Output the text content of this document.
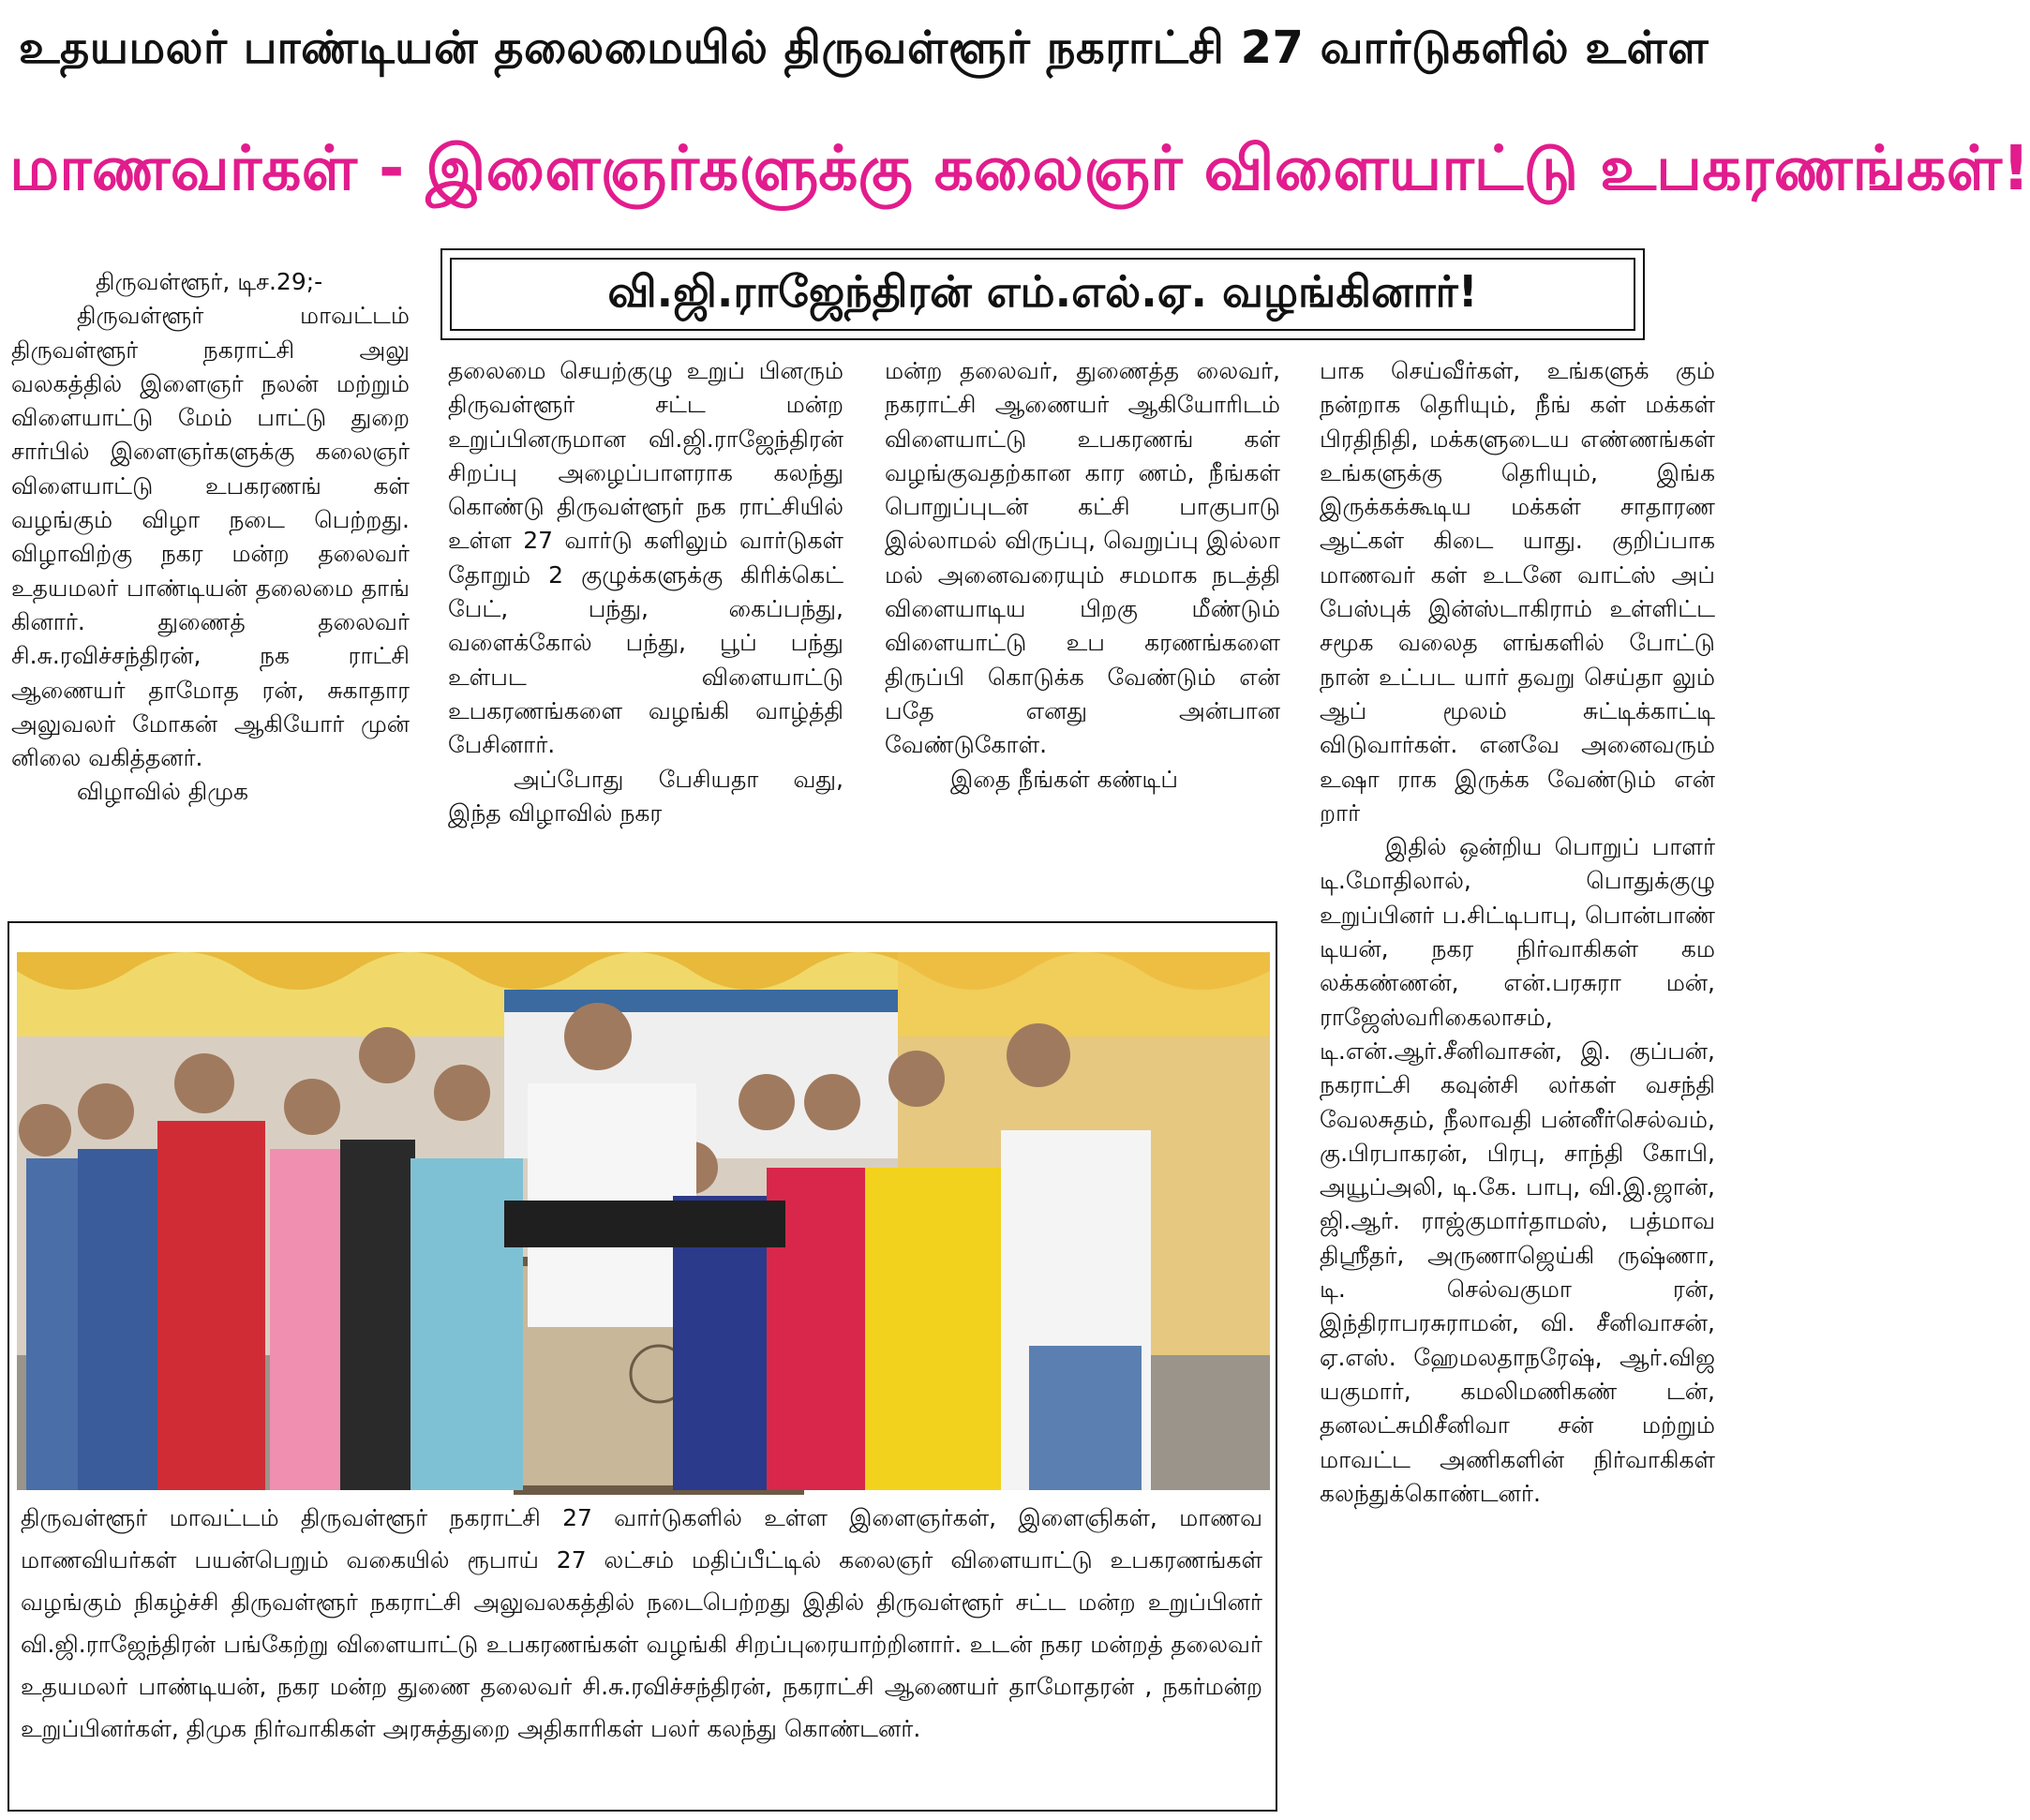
உதயமலர் பாண்டியன் தலைமையில் திருவள்ளூர் நகராட்சி 27 வார்டுகளில் உள்ள
மாணவர்கள் - இளைஞர்களுக்கு கலைஞர் விளையாட்டு உபகரணங்கள்!
வி.ஜி.ராஜேந்திரன் எம்.எல்.ஏ. வழங்கினார்!

திருவள்ளூர், டிச.29;-

திருவள்ளூர் மாவட்டம் திருவள்ளூர் நகராட்சி அலு வலகத்தில் இளைஞர் நலன் மற்றும் விளையாட்டு மேம் பாட்டு துறை சார்பில் இளைஞர்களுக்கு கலைஞர் விளையாட்டு உபகரணங் கள் வழங்கும் விழா நடை பெற்றது. விழாவிற்கு நகர மன்ற தலைவர் உதயமலர் பாண்டியன் தலைமை தாங் கினார். துணைத் தலைவர் சி.சு.ரவிச்சந்திரன், நக ராட்சி ஆணையர் தாமோத ரன், சுகாதார அலுவலர் மோகன் ஆகியோர் முன் னிலை வகித்தனர்.

விழாவில் திமுக

தலைமை செயற்குழு உறுப் பினரும் திருவள்ளூர் சட்ட மன்ற உறுப்பினருமான வி.ஜி.ராஜேந்திரன் சிறப்பு அழைப்பாளராக கலந்து கொண்டு திருவள்ளூர் நக ராட்சியில் உள்ள 27 வார்டு களிலும் வார்டுகள் தோறும் 2 குழுக்களுக்கு கிரிக்கெட் பேட், பந்து, கைப்பந்து, வளைக்கோல் பந்து, பூப் பந்து உள்பட விளையாட்டு உபகரணங்களை வழங்கி வாழ்த்தி பேசினார்.

அப்போது பேசியதா வது, இந்த விழாவில் நகர

மன்ற தலைவர், துணைத்த லைவர், நகராட்சி ஆணையர் ஆகியோரிடம் விளையாட்டு உபகரணங் கள் வழங்குவதற்கான கார ணம், நீங்கள் பொறுப்புடன் கட்சி பாகுபாடு இல்லாமல் விருப்பு, வெறுப்பு இல்லா மல் அனைவரையும் சமமாக நடத்தி விளையாடிய பிறகு மீண்டும் விளையாட்டு உப கரணங்களை திருப்பி கொடுக்க வேண்டும் என் பதே எனது அன்பான வேண்டுகோள்.

இதை நீங்கள் கண்டிப்

பாக செய்வீர்கள், உங்களுக் கும் நன்றாக தெரியும், நீங் கள் மக்கள் பிரதிநிதி, மக்களுடைய எண்ணங்கள் உங்களுக்கு தெரியும், இங்க இருக்கக்கூடிய மக்கள் சாதாரண ஆட்கள் கிடை யாது. குறிப்பாக மாணவர் கள் உடனே வாட்ஸ் அப் பேஸ்புக் இன்ஸ்டாகிராம் உள்ளிட்ட சமூக வலைத ளங்களில் போட்டு நான் உட்பட யார் தவறு செய்தா லும் ஆப் மூலம் சுட்டிக்காட்டி விடுவார்கள். எனவே அனைவரும் உஷா ராக இருக்க வேண்டும் என் றார்

இதில் ஒன்றிய பொறுப் பாளர் டி.மோதிலால், பொதுக்குழு உறுப்பினர் ப.சிட்டிபாபு, பொன்பாண் டியன், நகர நிர்வாகிகள் கம லக்கண்ணன், என்.பரசுரா மன், ராஜேஸ்வரிகைலாசம், டி.என்.ஆர்.சீனிவாசன், இ. குப்பன், நகராட்சி கவுன்சி லர்கள் வசந்தி வேலசுதம், நீலாவதி பன்னீர்செல்வம், கு.பிரபாகரன், பிரபு, சாந்தி கோபி, அயூப்அலி, டி.கே. பாபு, வி.இ.ஜான், ஜி.ஆர். ராஜ்குமார்தாமஸ், பத்மாவ திஸ்ரீதர், அருணாஜெய்கி ருஷ்ணா, டி. செல்வகுமா ரன், இந்திராபரசுராமன், வி. சீனிவாசன், ஏ.எஸ். ஹேமலதாநரேஷ், ஆர்.விஜ யகுமார், கமலிமணிகண் டன், தனலட்சுமிசீனிவா சன் மற்றும் மாவட்ட அணிகளின் நிர்வாகிகள் கலந்துக்கொண்டனர்.

திருவள்ளூர் மாவட்டம் திருவள்ளூர் நகராட்சி 27 வார்டுகளில் உள்ள இளைஞர்கள், இளைஞிகள், மாணவ மாணவியர்கள் பயன்பெறும் வகையில் ரூபாய் 27 லட்சம் மதிப்பீட்டில் கலைஞர் விளையாட்டு உபகரணங்கள் வழங்கும் நிகழ்ச்சி திருவள்ளூர் நகராட்சி அலுவலகத்தில் நடைபெற்றது இதில் திருவள்ளூர் சட்ட மன்ற உறுப்பினர் வி.ஜி.ராஜேந்திரன் பங்கேற்று விளையாட்டு உபகரணங்கள் வழங்கி சிறப்புரையாற்றினார். உடன் நகர மன்றத் தலைவர் உதயமலர் பாண்டியன், நகர மன்ற துணை தலைவர் சி.சு.ரவிச்சந்திரன், நகராட்சி ஆணையர் தாமோதரன் , நகர்மன்ற உறுப்பினர்கள், திமுக நிர்வாகிகள் அரசுத்துறை அதிகாரிகள் பலர் கலந்து கொண்டனர்.
